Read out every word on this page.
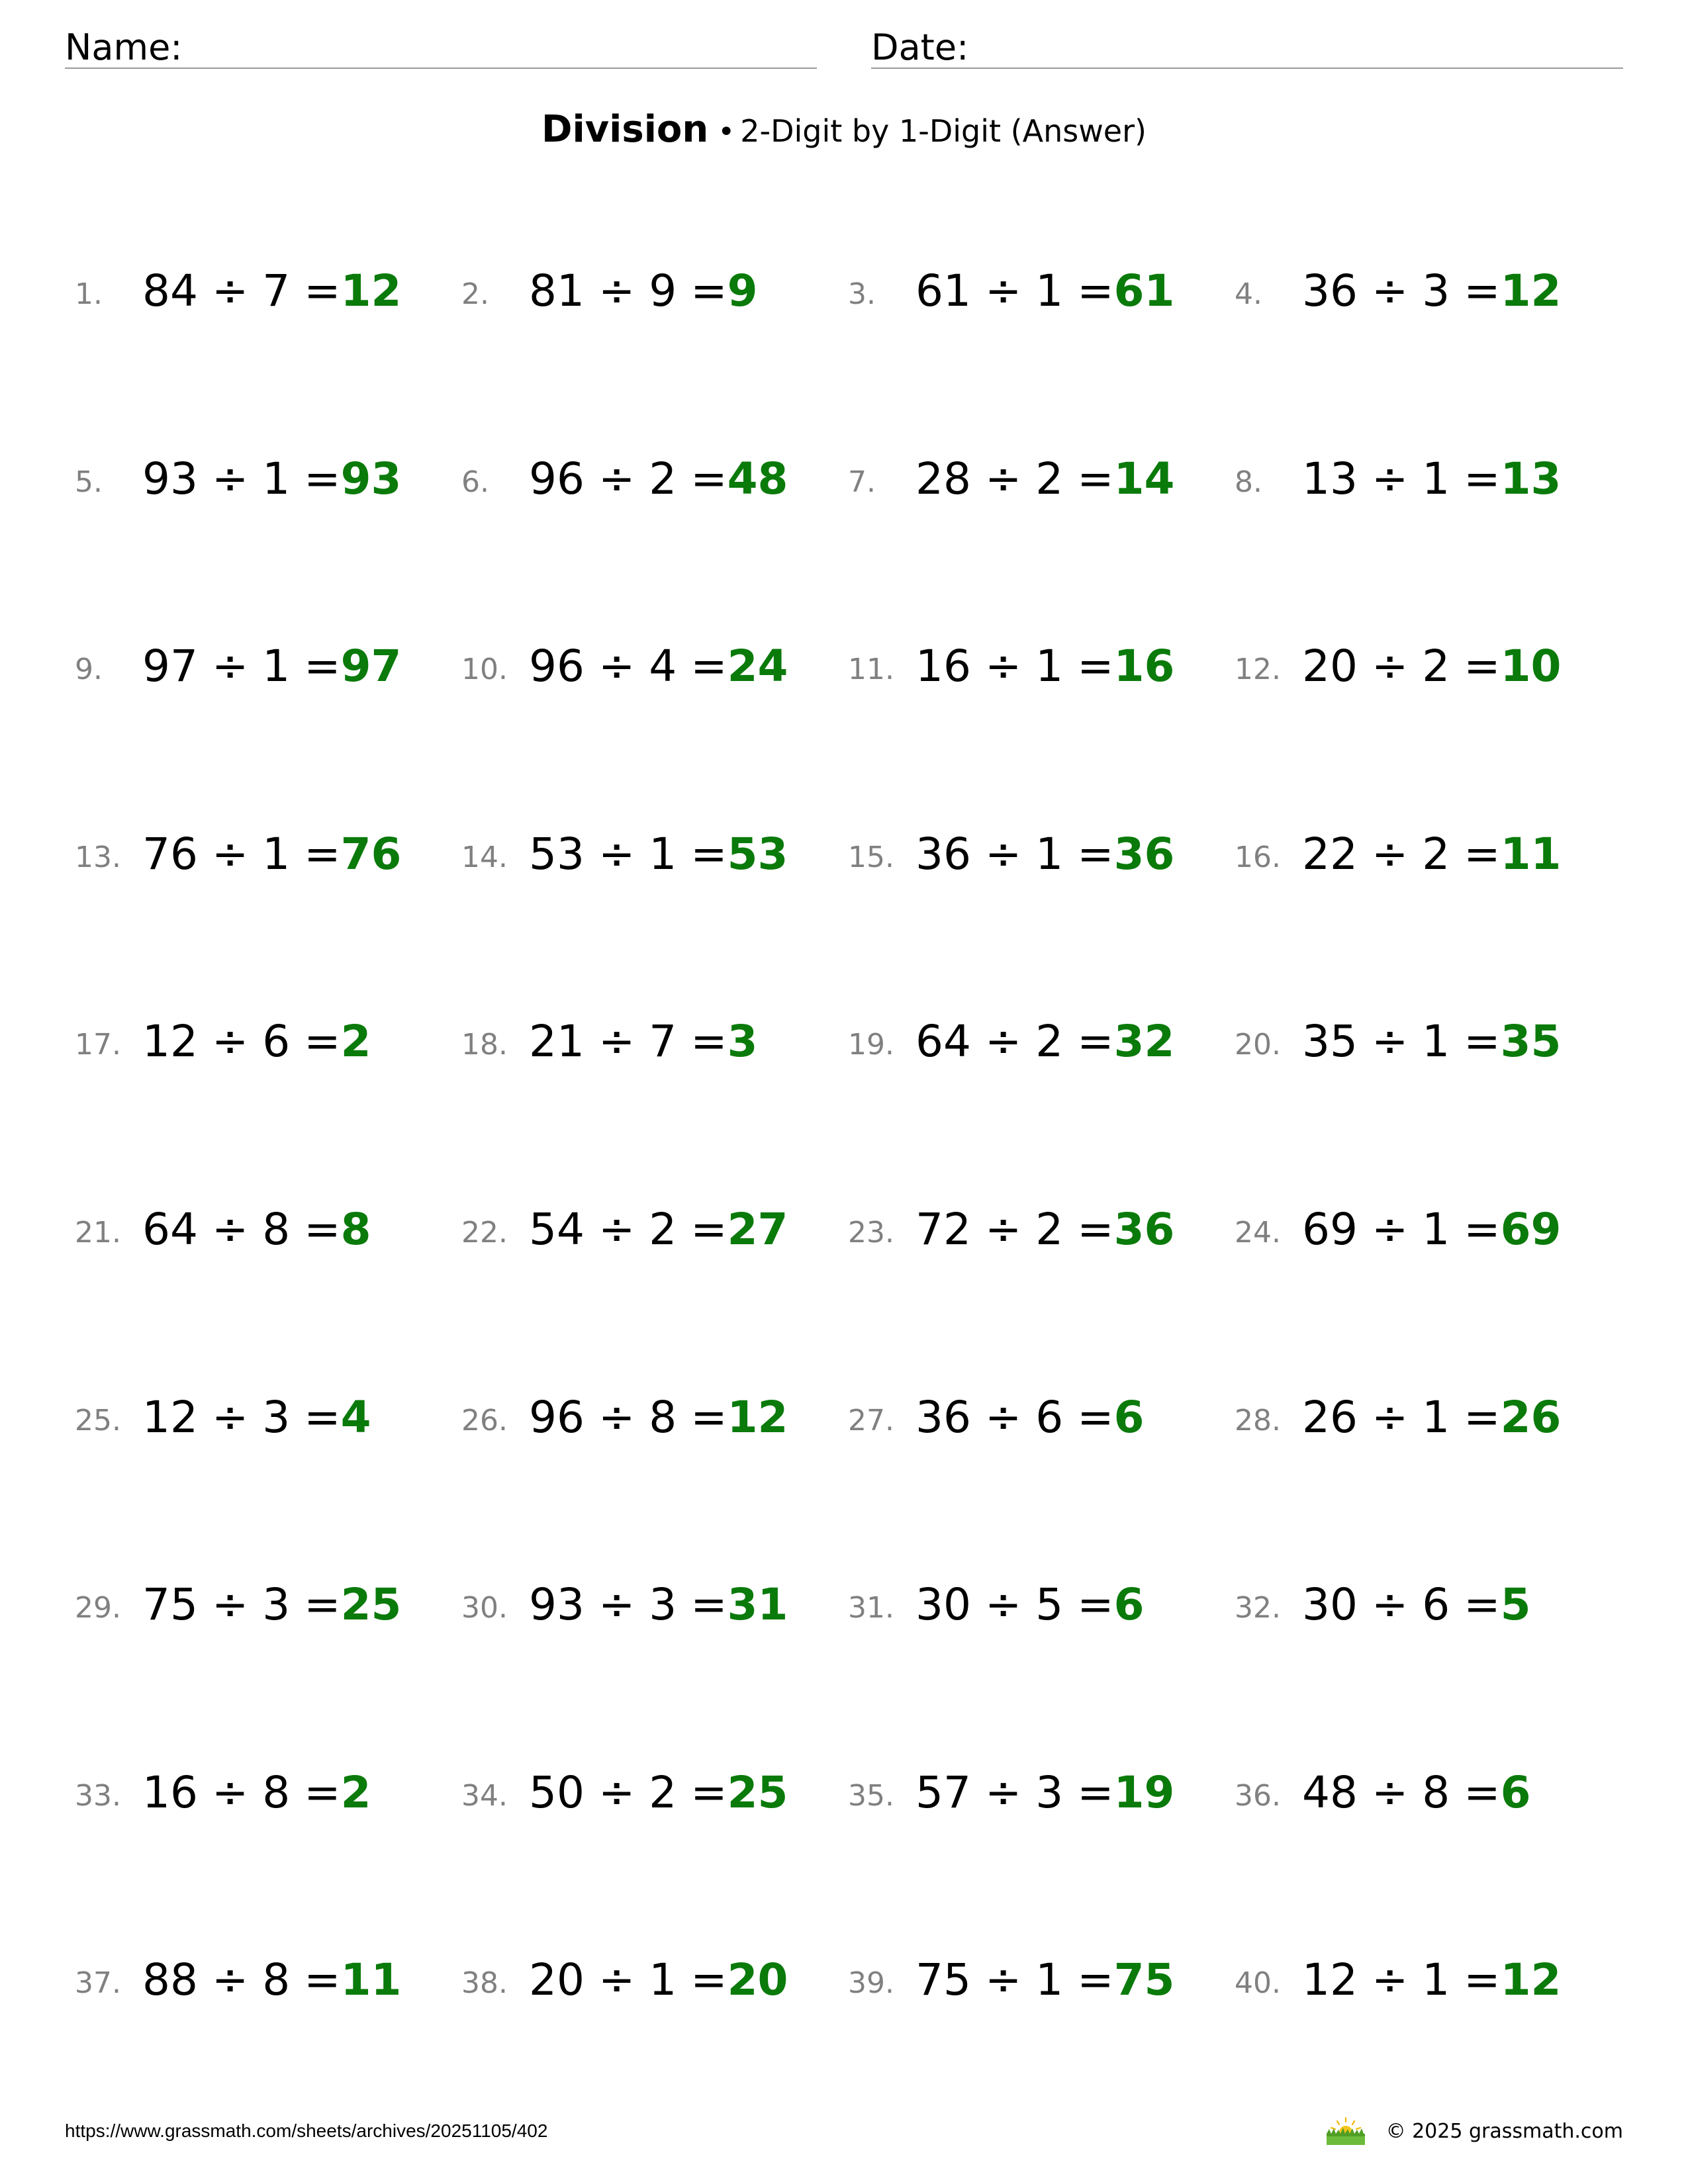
Name:	Date:
Division • 2-Digit by 1-Digit (Answer)
1. 84 ÷ 7 =12 2. 81 ÷ 9 =9	3. 61 ÷ 1 =61 4. 36 ÷ 3 =12
5. 93 ÷ 1 =93 6. 96 ÷ 2 =48 7. 28 ÷ 2 =14 8. 13 ÷ 1 =13
9. 97 ÷ 1 =97 10. 96 ÷ 4 =24 11. 16 ÷ 1 =16 12. 20 ÷ 2 =10
13. 76 ÷ 1 =76 14. 53 ÷ 1 =53 15. 36 ÷ 1 =36 16. 22 ÷ 2 =11
17. 12 ÷ 6 =2	18. 21 ÷ 7 =3	19. 64 ÷ 2 =32 20. 35 ÷ 1 =35
21. 64 ÷ 8 =8	22. 54 ÷ 2 =27 23. 72 ÷ 2 =36 24. 69 ÷ 1 =69
25. 12 ÷ 3 =4	26. 96 ÷ 8 =12 27. 36 ÷ 6 =6	28. 26 ÷ 1 =26
29. 75 ÷ 3 =25 30. 93 ÷ 3 =31 31. 30 ÷ 5 =6	32. 30 ÷ 6 =5
33. 16 ÷ 8 =2	34. 50 ÷ 2 =25 35. 57 ÷ 3 =19 36. 48 ÷ 8 =6
37. 88 ÷ 8 =11 38. 20 ÷ 1 =20 39. 75 ÷ 1 =75 40. 12 ÷ 1 =12
https://www.grassmath.com/sheets/archives/20251105/402	© 2025 grassmath.com
